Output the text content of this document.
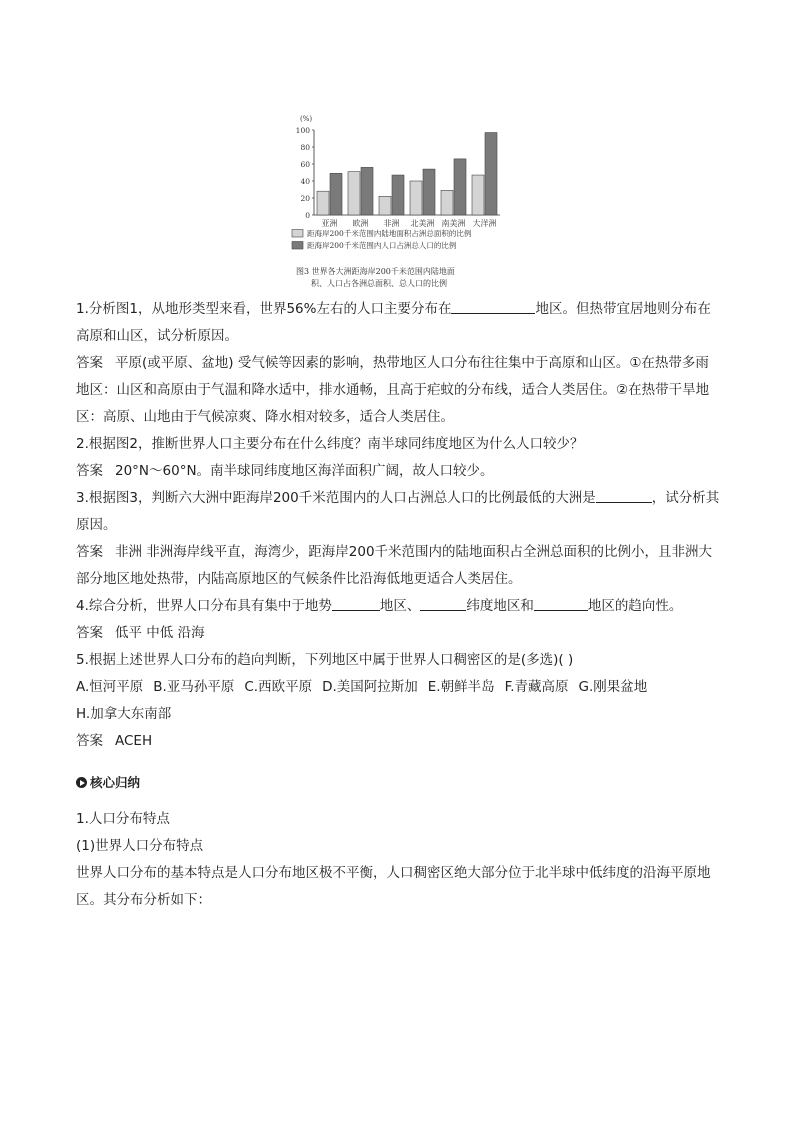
(%)
100
80
60
40
20
0
亚洲 欧洲 非洲 北美洲 南美洲 大洋洲
距海岸200千米范围内陆地面积占洲总面积的比例
距海岸200千米范围内人口占洲总人口的比例
图3 世界各大洲距海岸200千米范围内陆地面
积、人口占各洲总面积、总人口的比例

1.分析图1，从地形类型来看，世界56%左右的人口主要分布在	地区。但热带宜居地则分布在高原和山区，试分析原因。

答案 平原(或平原、盆地) 受气候等因素的影响，热带地区人口分布往往集中于高原和山区。①在热带多雨地区：山区和高原由于气温和降水适中，排水通畅，且高于疟蚊的分布线，适合人类居住。②在热带干旱地区：高原、山地由于气候凉爽、降水相对较多，适合人类居住。

2.根据图2，推断世界人口主要分布在什么纬度？南半球同纬度地区为什么人口较少？

答案 20°N～60°N。南半球同纬度地区海洋面积广阔，故人口较少。

3.根据图3，判断六大洲中距海岸200千米范围内的人口占洲总人口的比例最低的大洲是	，试分析其原因。

答案 非洲 非洲海岸线平直，海湾少，距海岸200千米范围内的陆地面积占全洲总面积的比例小，且非洲大部分地区地处热带，内陆高原地区的气候条件比沿海低地更适合人类居住。

4.综合分析，世界人口分布具有集中于地势	地区、	纬度地区和	地区的趋向性。

答案 低平 中低 沿海

5.根据上述世界人口分布的趋向判断，下列地区中属于世界人口稠密区的是(多选)( )

A.恒河平原 B.亚马孙平原 C.西欧平原 D.美国阿拉斯加 E.朝鲜半岛 F.青藏高原 G.刚果盆地

H.加拿大东南部

答案 ACEH

核心归纳

1.人口分布特点

(1)世界人口分布特点

世界人口分布的基本特点是人口分布地区极不平衡，人口稠密区绝大部分位于北半球中低纬度的沿海平原地区。其分布分析如下：
